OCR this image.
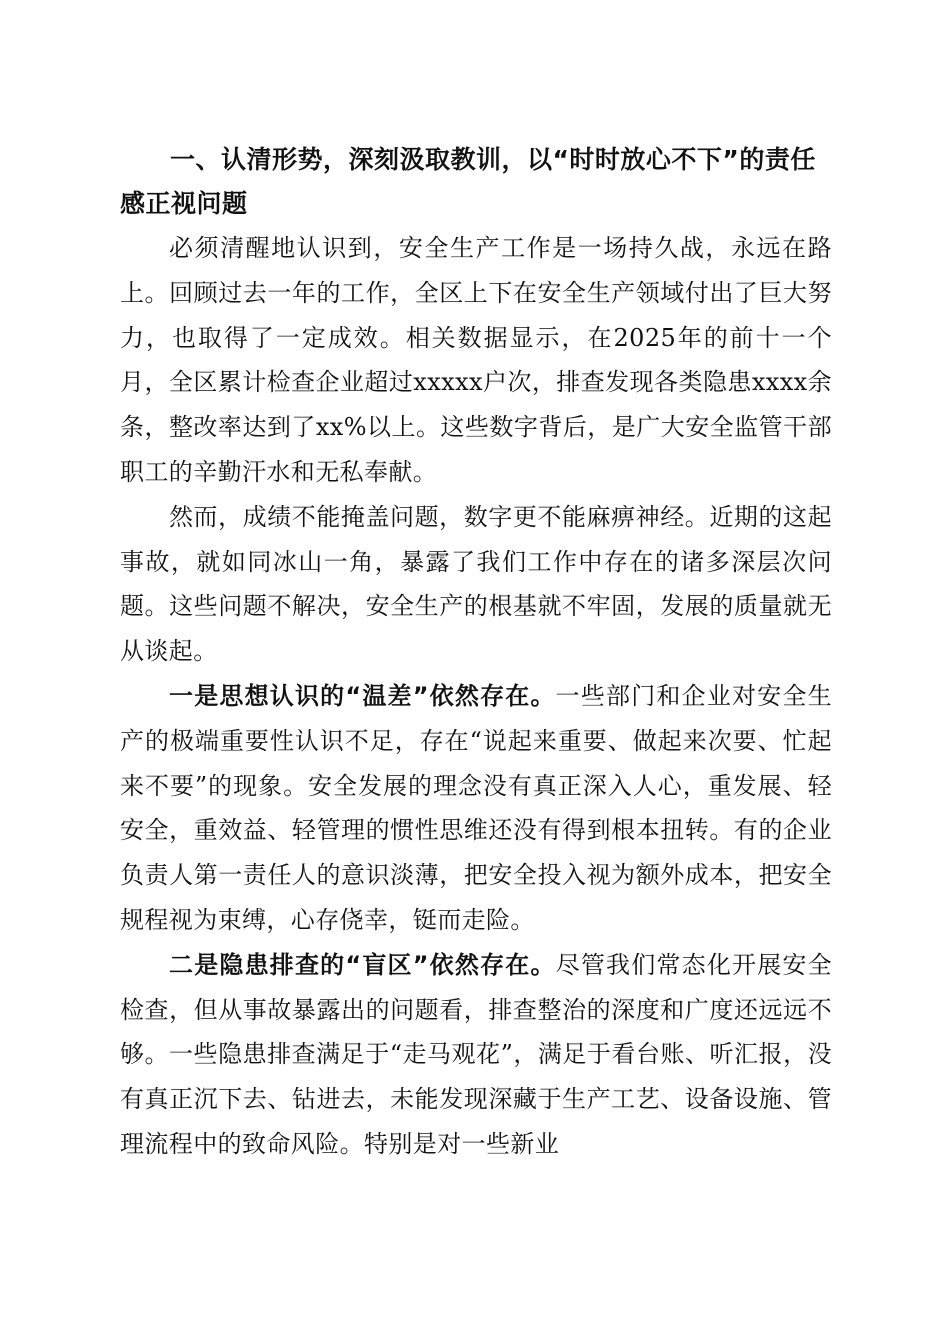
一、认清形势，深刻汲取教训，以“时时放心不下”的责任感正视问题

必须清醒地认识到，安全生产工作是一场持久战，永远在路上。回顾过去一年的工作，全区上下在安全生产领域付出了巨大努力，也取得了一定成效。相关数据显示，在2025年的前十一个月，全区累计检查企业超过xxxxx户次，排查发现各类隐患xxxx余条，整改率达到了xx%以上。这些数字背后，是广大安全监管干部职工的辛勤汗水和无私奉献。

然而，成绩不能掩盖问题，数字更不能麻痹神经。近期的这起事故，就如同冰山一角，暴露了我们工作中存在的诸多深层次问题。这些问题不解决，安全生产的根基就不牢固，发展的质量就无从谈起。

一是思想认识的“温差”依然存在。一些部门和企业对安全生产的极端重要性认识不足，存在“说起来重要、做起来次要、忙起来不要”的现象。安全发展的理念没有真正深入人心，重发展、轻安全，重效益、轻管理的惯性思维还没有得到根本扭转。有的企业负责人第一责任人的意识淡薄，把安全投入视为额外成本，把安全规程视为束缚，心存侥幸，铤而走险。

二是隐患排查的“盲区”依然存在。尽管我们常态化开展安全检查，但从事故暴露出的问题看，排查整治的深度和广度还远远不够。一些隐患排查满足于“走马观花”，满足于看台账、听汇报，没有真正沉下去、钻进去，未能发现深藏于生产工艺、设备设施、管理流程中的致命风险。特别是对一些新业
